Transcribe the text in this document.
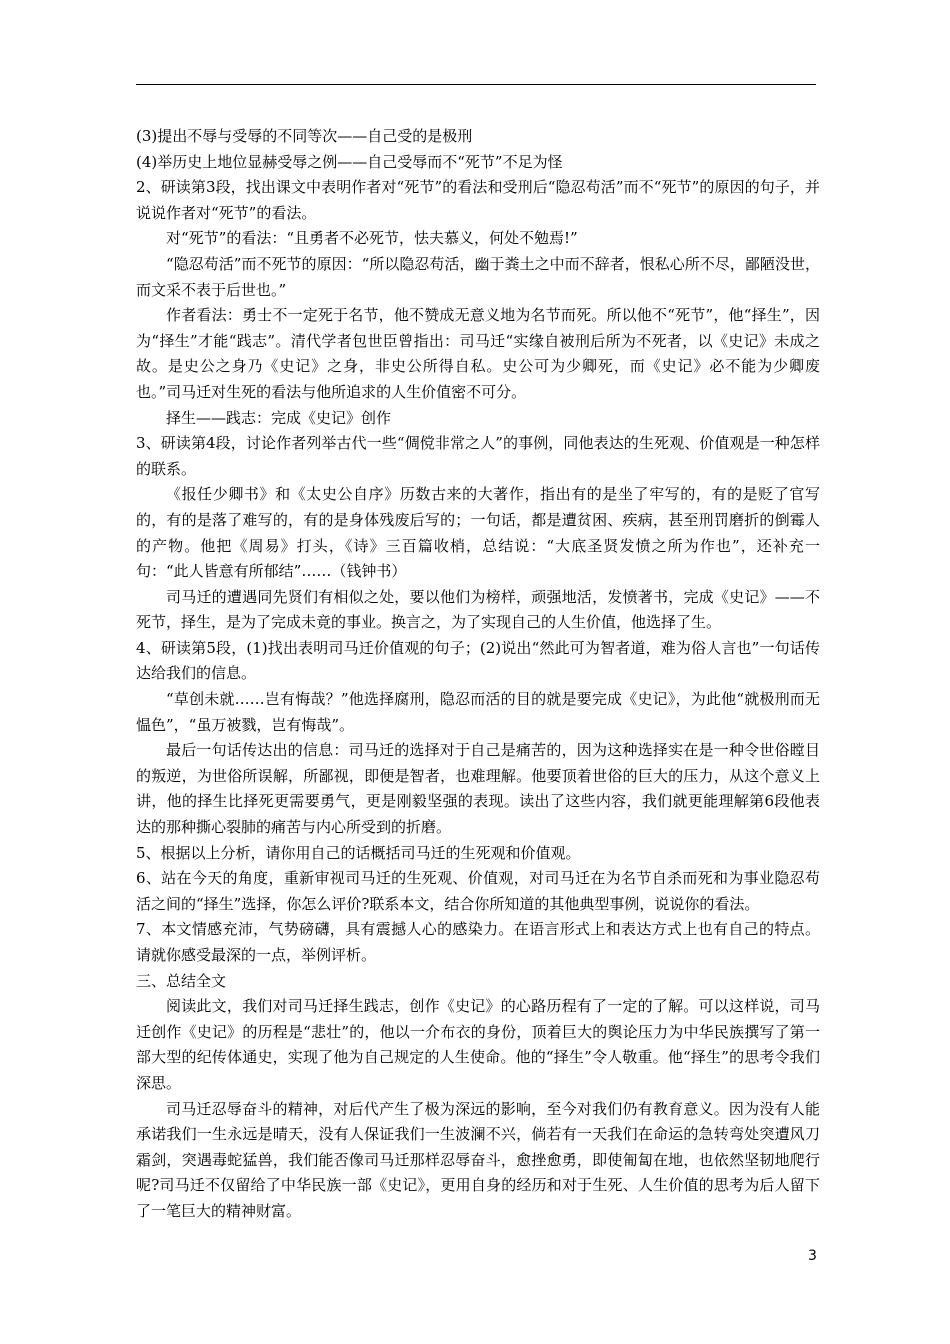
(3)提出不辱与受辱的不同等次——自己受的是极刑

(4)举历史上地位显赫受辱之例——自己受辱而不“死节”不足为怪

2、研读第3段，找出课文中表明作者对“死节”的看法和受刑后“隐忍苟活”而不“死节”的原因的句子，并说说作者对“死节”的看法。

对“死节”的看法：“且勇者不必死节，怯夫慕义，何处不勉焉!”

“隐忍苟活”而不死节的原因：“所以隐忍苟活，幽于粪土之中而不辞者，恨私心所不尽，鄙陋没世，而文采不表于后世也。”

作者看法：勇士不一定死于名节，他不赞成无意义地为名节而死。所以他不“死节”，他“择生”，因为“择生”才能“践志”。清代学者包世臣曾指出：司马迁“实缘自被刑后所为不死者，以《史记》未成之故。是史公之身乃《史记》之身，非史公所得自私。史公可为少卿死，而《史记》必不能为少卿废也。”司马迁对生死的看法与他所追求的人生价值密不可分。

择生——践志：完成《史记》创作

3、研读第4段，讨论作者列举古代一些“倜傥非常之人”的事例，同他表达的生死观、价值观是一种怎样的联系。

《报任少卿书》和《太史公自序》历数古来的大著作，指出有的是坐了牢写的，有的是贬了官写的，有的是落了难写的，有的是身体残废后写的；一句话，都是遭贫困、疾病，甚至刑罚磨折的倒霉人的产物。他把《周易》打头，《诗》三百篇收梢，总结说：“大底圣贤发愤之所为作也”，还补充一句：“此人皆意有所郁结”……（钱钟书）

司马迁的遭遇同先贤们有相似之处，要以他们为榜样，顽强地活，发愤著书，完成《史记》——不死节，择生，是为了完成未竟的事业。换言之，为了实现自己的人生价值，他选择了生。

4、研读第5段，(1)找出表明司马迁价值观的句子；(2)说出“然此可为智者道，难为俗人言也”一句话传达给我们的信息。

“草创未就……岂有悔哉？”他选择腐刑，隐忍而活的目的就是要完成《史记》，为此他“就极刑而无愠色”，“虽万被戮，岂有悔哉”。

最后一句话传达出的信息：司马迁的选择对于自己是痛苦的，因为这种选择实在是一种令世俗瞠目的叛逆，为世俗所误解，所鄙视，即便是智者，也难理解。他要顶着世俗的巨大的压力，从这个意义上讲，他的择生比择死更需要勇气，更是刚毅坚强的表现。读出了这些内容，我们就更能理解第6段他表达的那种撕心裂肺的痛苦与内心所受到的折磨。

5、根据以上分析，请你用自己的话概括司马迁的生死观和价值观。

6、站在今天的角度，重新审视司马迁的生死观、价值观，对司马迁在为名节自杀而死和为事业隐忍苟活之间的“择生”选择，你怎么评价?联系本文，结合你所知道的其他典型事例，说说你的看法。

7、本文情感充沛，气势磅礴，具有震撼人心的感染力。在语言形式上和表达方式上也有自己的特点。请就你感受最深的一点，举例评析。

三、总结全文

阅读此文，我们对司马迁择生践志，创作《史记》的心路历程有了一定的了解。可以这样说，司马迁创作《史记》的历程是“悲壮”的，他以一介布衣的身份，顶着巨大的舆论压力为中华民族撰写了第一部大型的纪传体通史，实现了他为自己规定的人生使命。他的“择生”令人敬重。他“择生”的思考令我们深思。

司马迁忍辱奋斗的精神，对后代产生了极为深远的影响，至今对我们仍有教育意义。因为没有人能承诺我们一生永远是晴天，没有人保证我们一生波澜不兴，倘若有一天我们在命运的急转弯处突遭风刀霜剑，突遇毒蛇猛兽，我们能否像司马迁那样忍辱奋斗，愈挫愈勇，即使匍匐在地，也依然坚韧地爬行呢?司马迁不仅留给了中华民族一部《史记》，更用自身的经历和对于生死、人生价值的思考为后人留下了一笔巨大的精神财富。

3
